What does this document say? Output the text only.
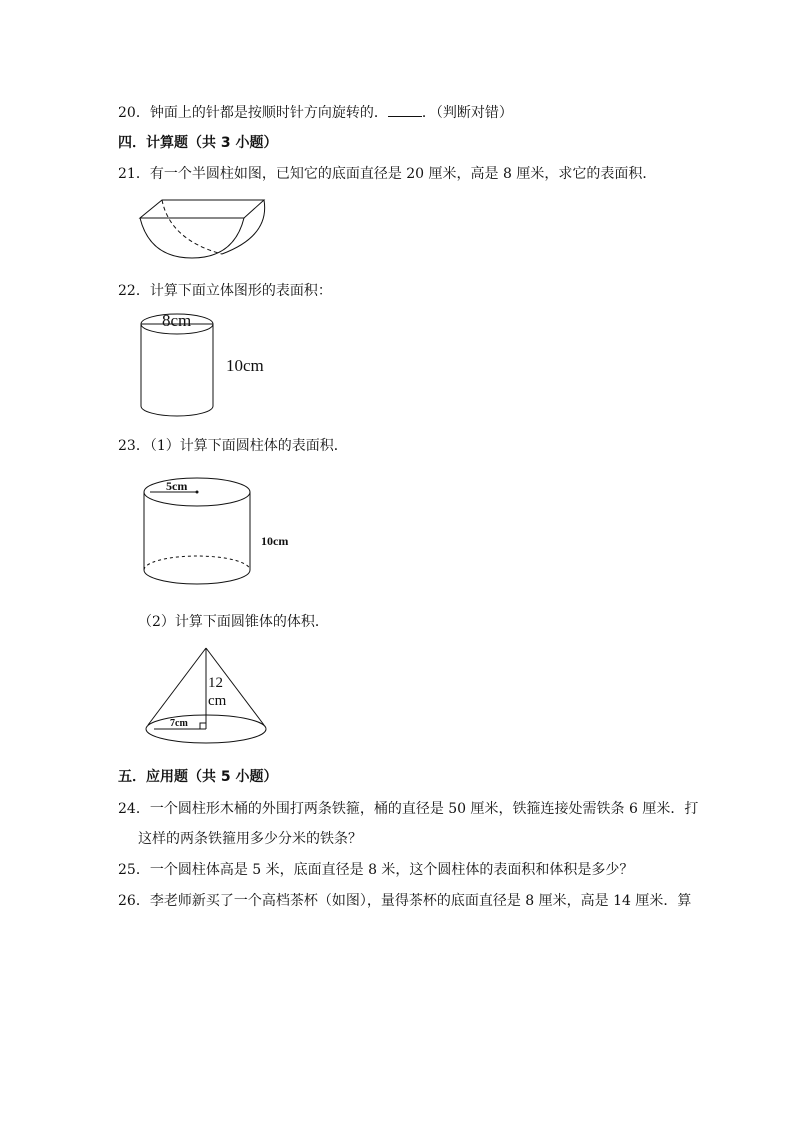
20．钟面上的针都是按顺时针方向旋转的． ．（判断对错）
四．计算题（共 3 小题）
21．有一个半圆柱如图，已知它的底面直径是 20 厘米，高是 8 厘米，求它的表面积．
22．计算下面立体图形的表面积：
8cm
10cm
23．（1）计算下面圆柱体的表面积．
5cm
10cm
（2）计算下面圆锥体的体积．
12
cm
7cm
五．应用题（共 5 小题）
24．一个圆柱形木桶的外围打两条铁箍，桶的直径是 50 厘米，铁箍连接处需铁条 6 厘米．打
这样的两条铁箍用多少分米的铁条？
25．一个圆柱体高是 5 米，底面直径是 8 米，这个圆柱体的表面积和体积是多少？
26．李老师新买了一个高档茶杯（如图），量得茶杯的底面直径是 8 厘米，高是 14 厘米．算
